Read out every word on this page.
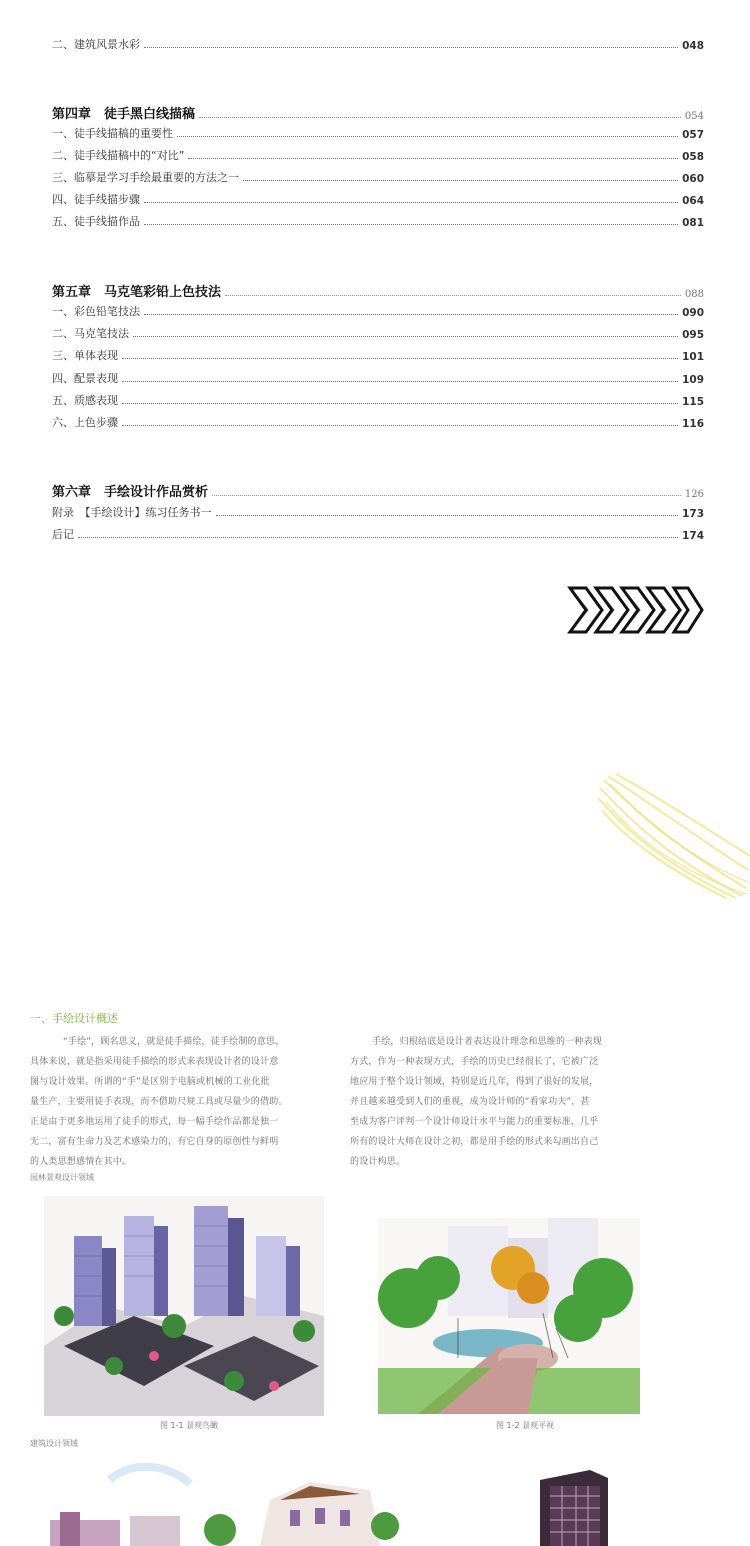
二、建筑风景水彩	048
第四章　徒手黑白线描稿	054
一、徒手线描稿的重要性	057
二、徒手线描稿中的“对比”	058
三、临摹是学习手绘最重要的方法之一	060
四、徒手线描步骤	064
五、徒手线描作品	081
第五章　马克笔彩铅上色技法	088
一、彩色铅笔技法	090
二、马克笔技法	095
三、单体表现	101
四、配景表现	109
五、质感表现	115
六、上色步骤	116
第六章　手绘设计作品赏析	126
附录　【手绘设计】练习任务书一	173
后记	174
一、手绘设计概述
“手绘”，顾名思义，就是徒手描绘，徒手绘制的意思。
具体来说，就是指采用徒手描绘的形式来表现设计者的设计意
图与设计效果。所谓的“手”是区别于电脑或机械的工业化批
量生产，主要用徒手表现，而不借助尺规工具或尽量少的借助。
正是由于更多地运用了徒手的形式，每一幅手绘作品都是独一
无二，富有生命力及艺术感染力的，有它自身的原创性与鲜明
的人类思想感情在其中。
手绘，归根结底是设计者表达设计理念和思维的一种表现
方式，作为一种表现方式，手绘的历史已经很长了，它被广泛
地应用于整个设计领域，特别是近几年，得到了很好的发展，
并且越来越受到人们的重视，成为设计师的“看家功夫”，甚
至成为客户评判一个设计师设计水平与能力的重要标准，几乎
所有的设计大师在设计之初，都是用手绘的形式来勾画出自己
的设计构思。
园林景观设计领域
图 1-1 景观鸟瞰	图 1-2 景观平视
建筑设计领域
